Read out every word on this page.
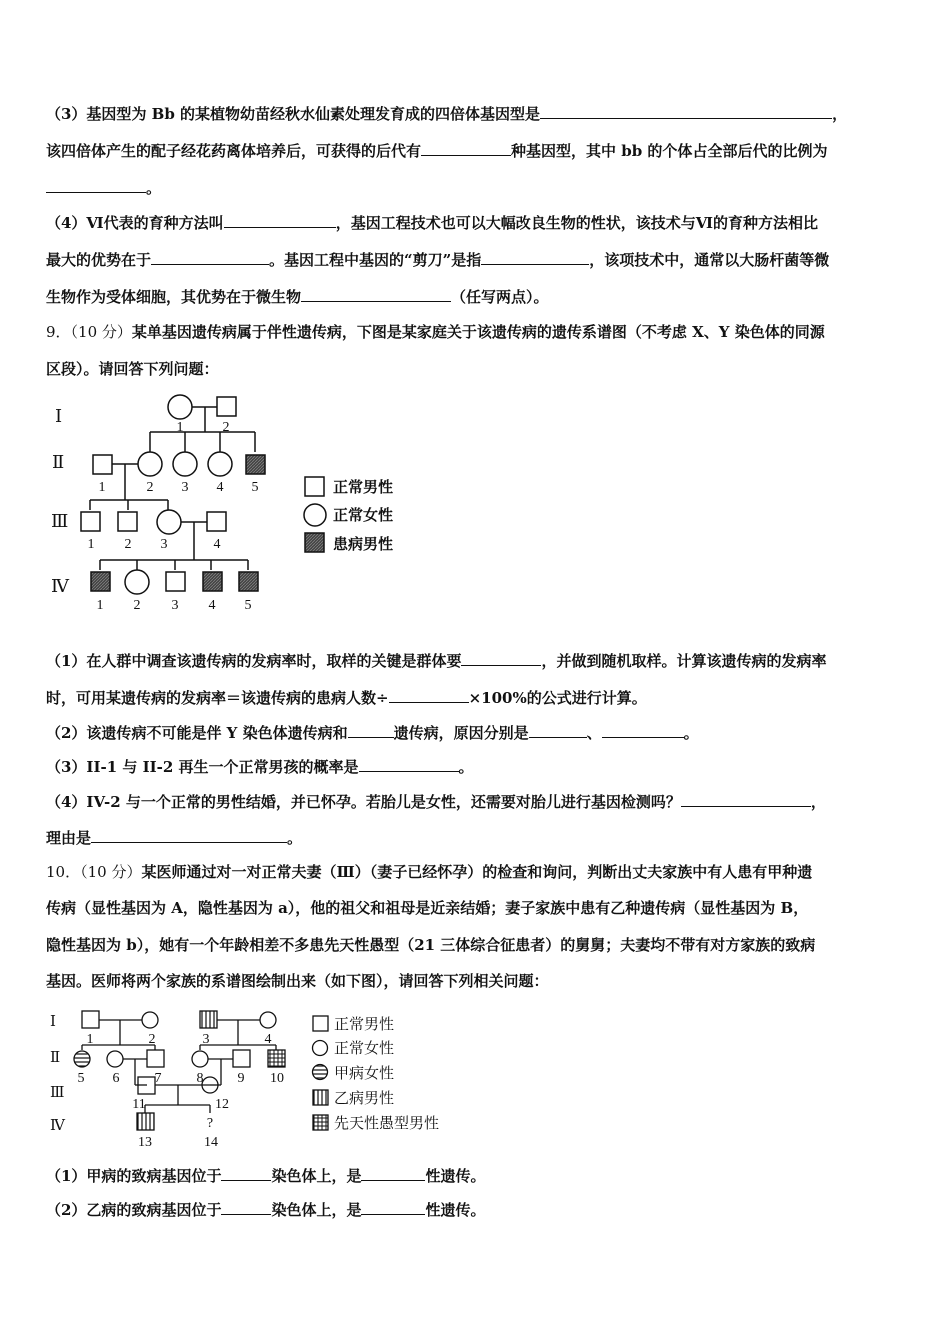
（3）基因型为 Bb 的某植物幼苗经秋水仙素处理发育成的四倍体基因型是	，
该四倍体产生的配子经花药离体培养后，可获得的后代有	种基因型，其中 bb 的个体占全部后代的比例为
。
（4）Ⅵ代表的育种方法叫	，基因工程技术也可以大幅改良生物的性状，该技术与Ⅵ的育种方法相比
最大的优势在于	。基因工程中基因的“剪刀”是指	，该项技术中，通常以大肠杆菌等微
生物作为受体细胞，其优势在于微生物	（任写两点）。
9．（10 分）某单基因遗传病属于伴性遗传病，下图是某家庭关于该遗传病的遗传系谱图（不考虑 X、Y 染色体的同源
区段）。请回答下列问题：
Ⅰ
Ⅱ
Ⅲ
Ⅳ
1	2
1	2 3 4 5
1 2 3	4
1 2 3 4 5
正常男性
正常女性
患病男性
（1）在人群中调查该遗传病的发病率时，取样的关键是群体要	，并做到随机取样。计算该遗传病的发病率
时，可用某遗传病的发病率＝该遗传病的患病人数÷	×100%的公式进行计算。
（2）该遗传病不可能是伴 Y 染色体遗传病和	遗传病，原因分别是	、	。
（3）II-1 与 II-2 再生一个正常男孩的概率是	。
（4）IV-2 与一个正常的男性结婚，并已怀孕。若胎儿是女性，还需要对胎儿进行基因检测吗？	，
理由是	。
10．（10 分）某医师通过对一对正常夫妻（Ⅲ）（妻子已经怀孕）的检查和询问，判断出丈夫家族中有人患有甲种遗
传病（显性基因为 A，隐性基因为 a），他的祖父和祖母是近亲结婚；妻子家族中患有乙种遗传病（显性基因为 B，
隐性基因为 b），她有一个年龄相差不多患先天性愚型（21 三体综合征患者）的舅舅；夫妻均不带有对方家族的致病
基因。医师将两个家族的系谱图绘制出来（如下图），请回答下列相关问题：
Ⅰ
Ⅱ
Ⅲ
Ⅳ
1	2	3	4
5 6	7	8 9 10
11	12
13	14
?
正常男性
正常女性
甲病女性
乙病男性
先天性愚型男性
（1）甲病的致病基因位于	染色体上，是	性遗传。
（2）乙病的致病基因位于	染色体上，是	性遗传。
